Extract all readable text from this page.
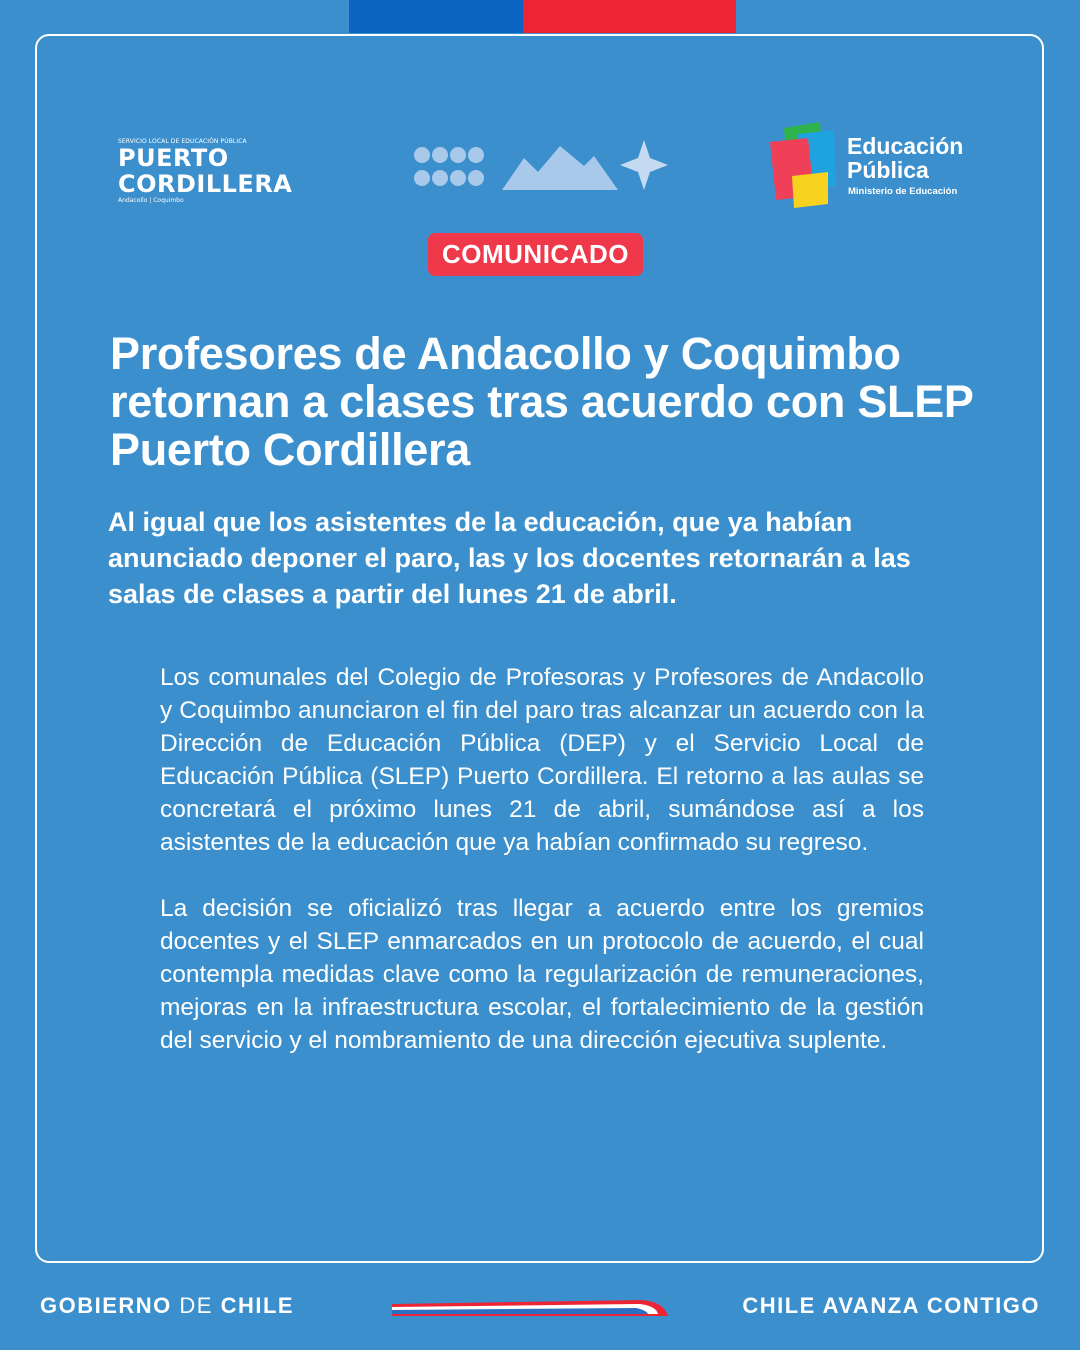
SERVICIO LOCAL DE EDUCACIÓN PÚBLICA
PUERTO
CORDILLERA
Andacollo | Coquimbo
Educación
Pública
Ministerio de Educación
COMUNICADO
Profesores de Andacollo y Coquimbo retornan a clases tras acuerdo con SLEP Puerto Cordillera

Al igual que los asistentes de la educación, que ya habían anunciado deponer el paro, las y los docentes retornarán a las salas de clases a partir del lunes 21 de abril.

Los comunales del Colegio de Profesoras y Profesores de Andacollo y Coquimbo anunciaron el fin del paro tras alcanzar un acuerdo con la Dirección de Educación Pública (DEP) y el Servicio Local de Educación Pública (SLEP) Puerto Cordillera. El retorno a las aulas se concretará el próximo lunes 21 de abril, sumándose así a los asistentes de la educación que ya habían confirmado su regreso.

La decisión se oficializó tras llegar a acuerdo entre los gremios docentes y el SLEP enmarcados en un protocolo de acuerdo, el cual contempla medidas clave como la regularización de remuneraciones, mejoras en la infraestructura escolar, el fortalecimiento de la gestión del servicio y el nombramiento de una dirección ejecutiva suplente.

GOBIERNO DE CHILE	CHILE AVANZA CONTIGO
